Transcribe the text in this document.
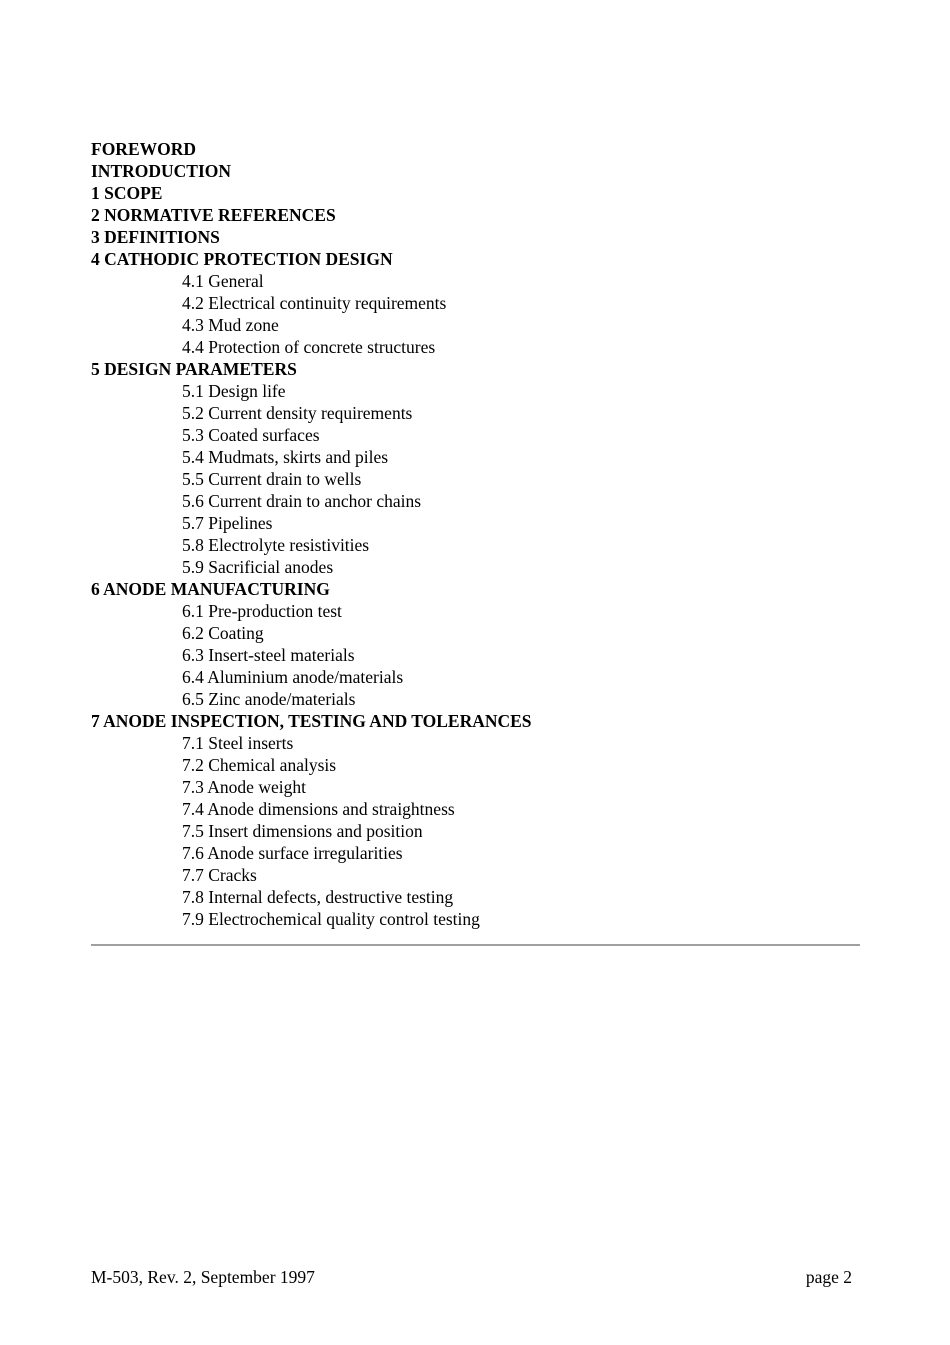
FOREWORD
INTRODUCTION
1 SCOPE
2 NORMATIVE REFERENCES
3 DEFINITIONS
4 CATHODIC PROTECTION DESIGN
4.1 General
4.2 Electrical continuity requirements
4.3 Mud zone
4.4 Protection of concrete structures
5 DESIGN PARAMETERS
5.1 Design life
5.2 Current density requirements
5.3 Coated surfaces
5.4 Mudmats, skirts and piles
5.5 Current drain to wells
5.6 Current drain to anchor chains
5.7 Pipelines
5.8 Electrolyte resistivities
5.9 Sacrificial anodes
6 ANODE MANUFACTURING
6.1 Pre-production test
6.2 Coating
6.3 Insert-steel materials
6.4 Aluminium anode/materials
6.5 Zinc anode/materials
7 ANODE INSPECTION, TESTING AND TOLERANCES
7.1 Steel inserts
7.2 Chemical analysis
7.3 Anode weight
7.4 Anode dimensions and straightness
7.5 Insert dimensions and position
7.6 Anode surface irregularities
7.7 Cracks
7.8 Internal defects, destructive testing
7.9 Electrochemical quality control testing
M-503, Rev. 2, September 1997	page 2
